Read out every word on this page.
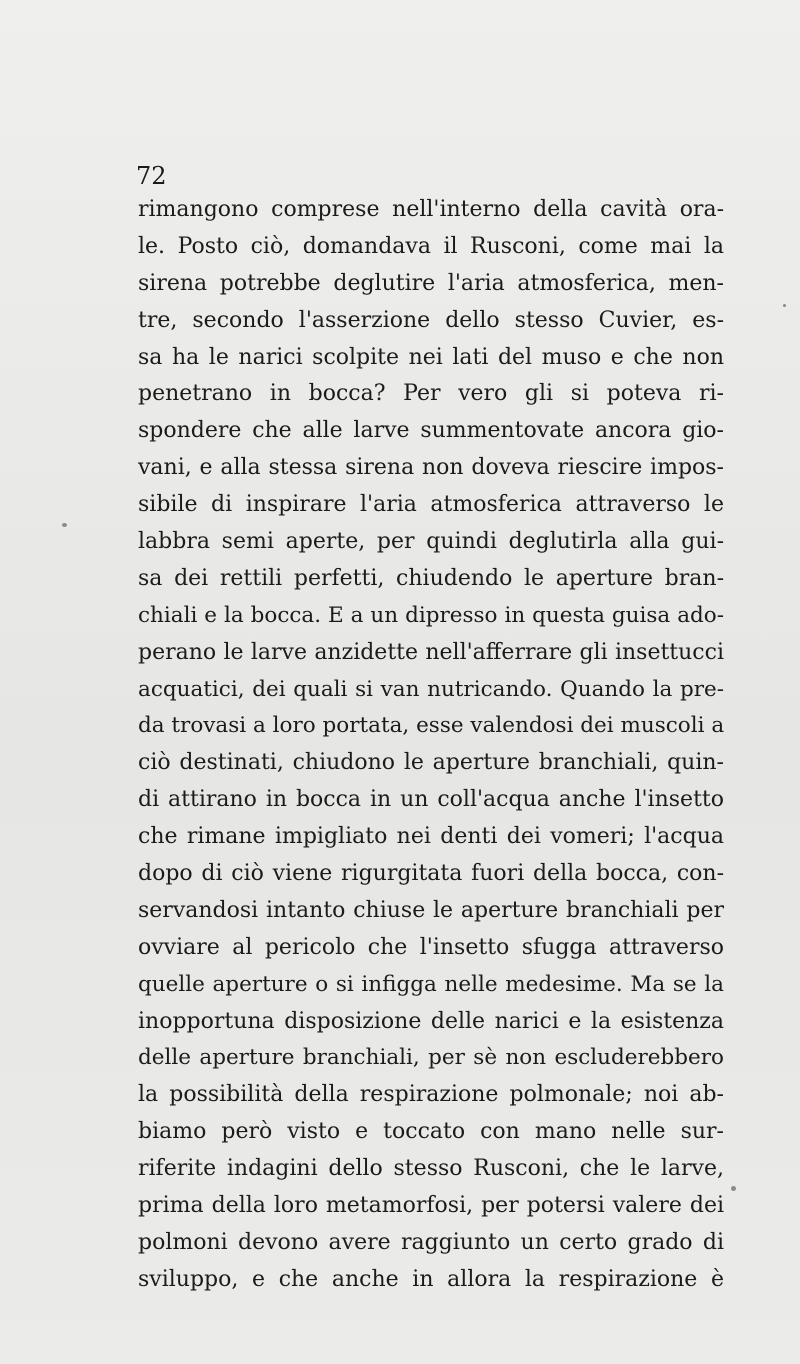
72
rimangono comprese nell'interno della cavità ora-
le. Posto ciò, domandava il Rusconi, come mai la
sirena potrebbe deglutire l'aria atmosferica, men-
tre, secondo l'asserzione dello stesso Cuvier, es-
sa ha le narici scolpite nei lati del muso e che non
penetrano in bocca? Per vero gli si poteva ri-
spondere che alle larve summentovate ancora gio-
vani, e alla stessa sirena non doveva riescire impos-
sibile di inspirare l'aria atmosferica attraverso le
labbra semi aperte, per quindi deglutirla alla gui-
sa dei rettili perfetti, chiudendo le aperture bran-
chiali e la bocca. E a un dipresso in questa guisa ado-
perano le larve anzidette nell'afferrare gli insettucci
acquatici, dei quali si van nutricando. Quando la pre-
da trovasi a loro portata, esse valendosi dei muscoli a
ciò destinati, chiudono le aperture branchiali, quin-
di attirano in bocca in un coll'acqua anche l'insetto
che rimane impigliato nei denti dei vomeri; l'acqua
dopo di ciò viene rigurgitata fuori della bocca, con-
servandosi intanto chiuse le aperture branchiali per
ovviare al pericolo che l'insetto sfugga attraverso
quelle aperture o si infigga nelle medesime. Ma se la
inopportuna disposizione delle narici e la esistenza
delle aperture branchiali, per sè non escluderebbero
la possibilità della respirazione polmonale; noi ab-
biamo però visto e toccato con mano nelle sur-
riferite indagini dello stesso Rusconi, che le larve,
prima della loro metamorfosi, per potersi valere dei
polmoni devono avere raggiunto un certo grado di
sviluppo, e che anche in allora la respirazione è
